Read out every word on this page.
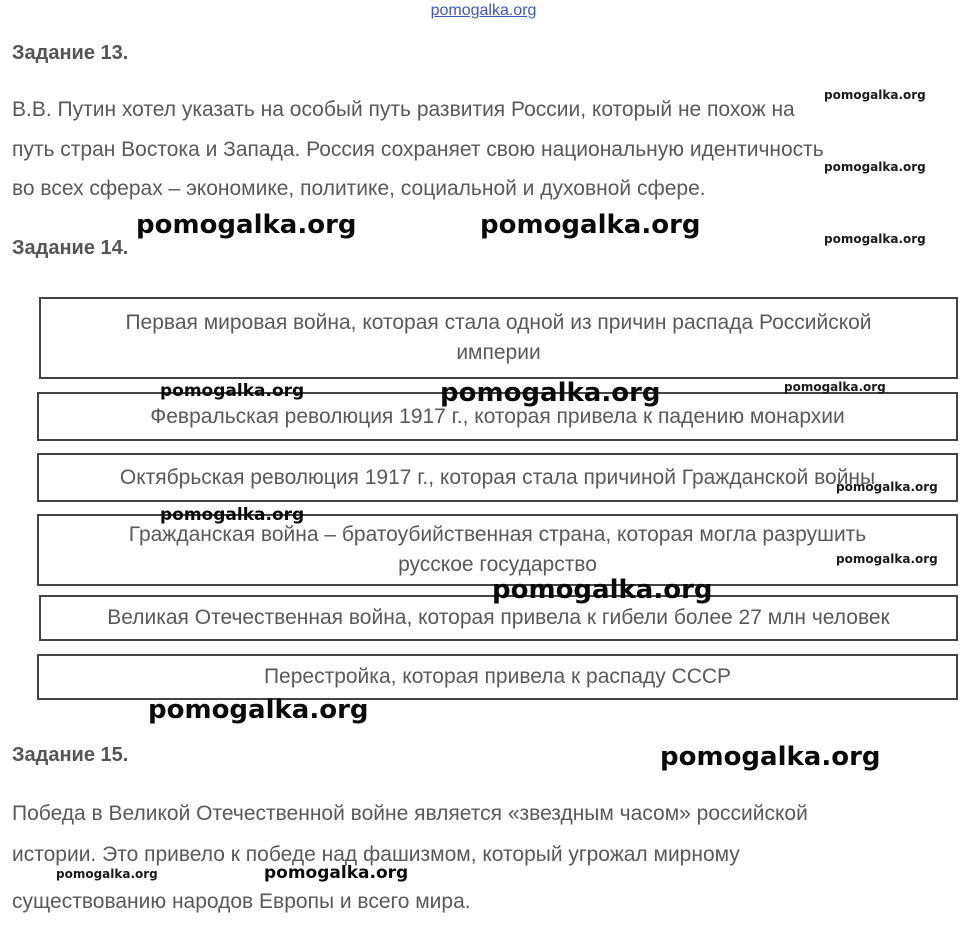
pomogalka.org
Задание 13.
В.В. Путин хотел указать на особый путь развития России, который не похож на
путь стран Востока и Запада. Россия сохраняет свою национальную идентичность
во всех сферах – экономике, политике, социальной и духовной сфере.
Задание 14.
Первая мировая война, которая стала одной из причин распада Российской
империи
Февральская революция 1917 г., которая привела к падению монархии
Октябрьская революция 1917 г., которая стала причиной Гражданской войны
Гражданская война – братоубийственная страна, которая могла разрушить
русское государство
Великая Отечественная война, которая привела к гибели более 27 млн человек
Перестройка, которая привела к распаду СССР
Задание 15.
Победа в Великой Отечественной войне является «звездным часом» российской
истории. Это привело к победе над фашизмом, который угрожал мирному
существованию народов Европы и всего мира.
pomogalka.org
pomogalka.org
pomogalka.org	pomogalka.org	pomogalka.org
pomogalka.org	pomogalka.org	pomogalka.org
pomogalka.org
pomogalka.org
pomogalka.org
pomogalka.org
pomogalka.org
pomogalka.org
pomogalka.org	pomogalka.org
